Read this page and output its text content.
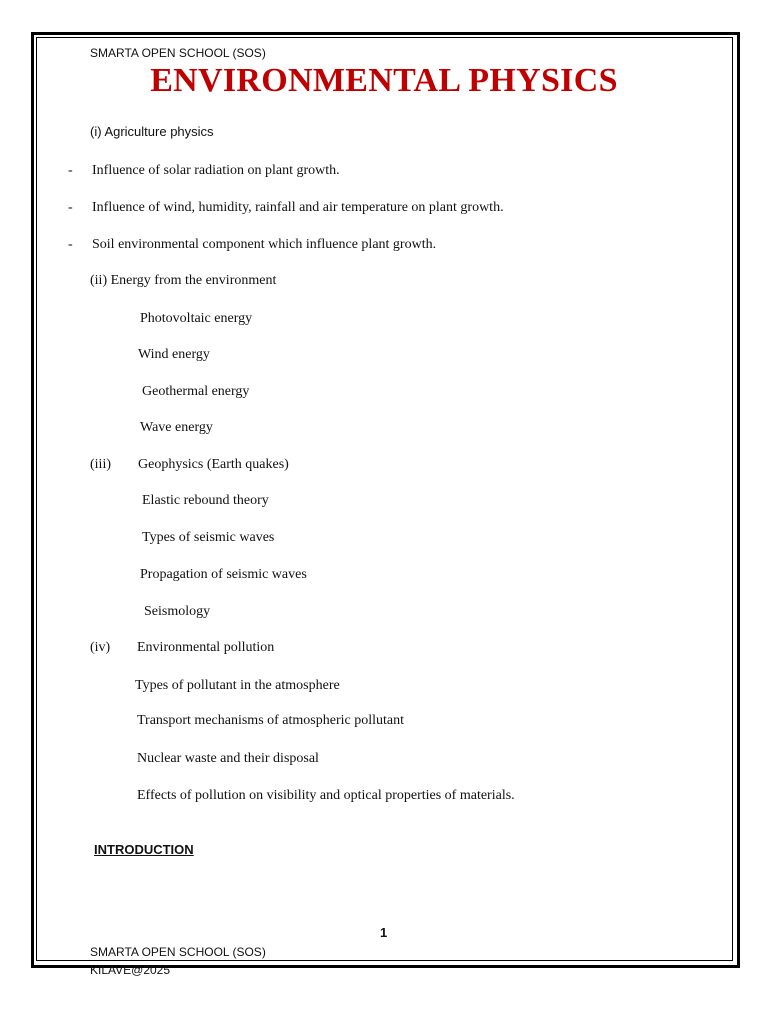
SMARTA OPEN SCHOOL (SOS)
ENVIRONMENTAL PHYSICS
(i) Agriculture physics
- Influence of solar radiation on plant growth.
- Influence of wind, humidity, rainfall and air temperature on plant growth.
- Soil environmental component which influence plant growth.
(ii) Energy from the environment
Photovoltaic energy
Wind energy
Geothermal energy
Wave energy
(iii) Geophysics (Earth quakes)
Elastic rebound theory
Types of seismic waves
Propagation of seismic waves
Seismology
(iv) Environmental pollution
Types of pollutant in the atmosphere
Transport mechanisms of atmospheric pollutant
Nuclear waste and their disposal
Effects of pollution on visibility and optical properties of materials.
INTRODUCTION
1
SMARTA OPEN SCHOOL (SOS)
KILAVE@2025
